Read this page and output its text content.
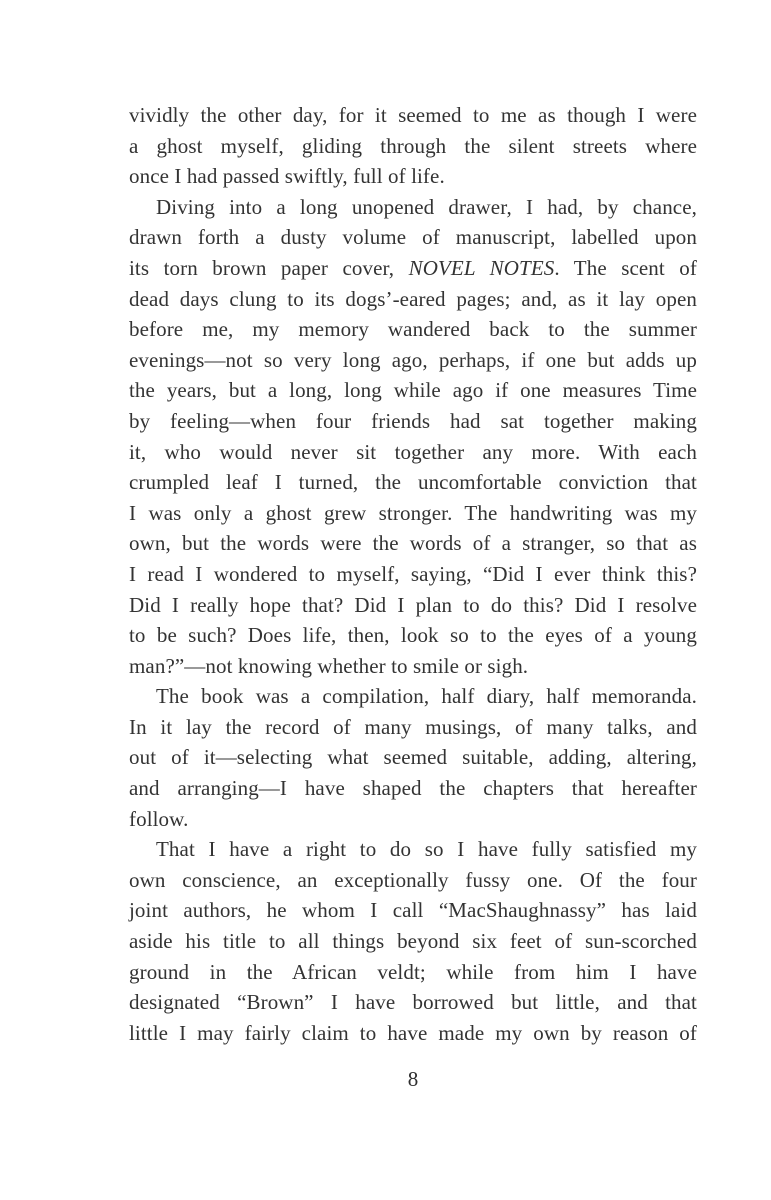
vividly the other day, for it seemed to me as though I were
a ghost myself, gliding through the silent streets where
once I had passed swiftly, full of life.
Diving into a long unopened drawer, I had, by chance,
drawn forth a dusty volume of manuscript, labelled upon
its torn brown paper cover, NOVEL NOTES. The scent of
dead days clung to its dogs’-eared pages; and, as it lay open
before me, my memory wandered back to the summer
evenings—not so very long ago, perhaps, if one but adds up
the years, but a long, long while ago if one measures Time
by feeling—when four friends had sat together making
it, who would never sit together any more. With each
crumpled leaf I turned, the uncomfortable conviction that
I was only a ghost grew stronger. The handwriting was my
own, but the words were the words of a stranger, so that as
I read I wondered to myself, saying, “Did I ever think this?
Did I really hope that? Did I plan to do this? Did I resolve
to be such? Does life, then, look so to the eyes of a young
man?”—not knowing whether to smile or sigh.
The book was a compilation, half diary, half memoranda.
In it lay the record of many musings, of many talks, and
out of it—selecting what seemed suitable, adding, altering,
and arranging—I have shaped the chapters that hereafter
follow.
That I have a right to do so I have fully satisfied my
own conscience, an exceptionally fussy one. Of the four
joint authors, he whom I call “MacShaughnassy” has laid
aside his title to all things beyond six feet of sun-scorched
ground in the African veldt; while from him I have
designated “Brown” I have borrowed but little, and that
little I may fairly claim to have made my own by reason of
8
